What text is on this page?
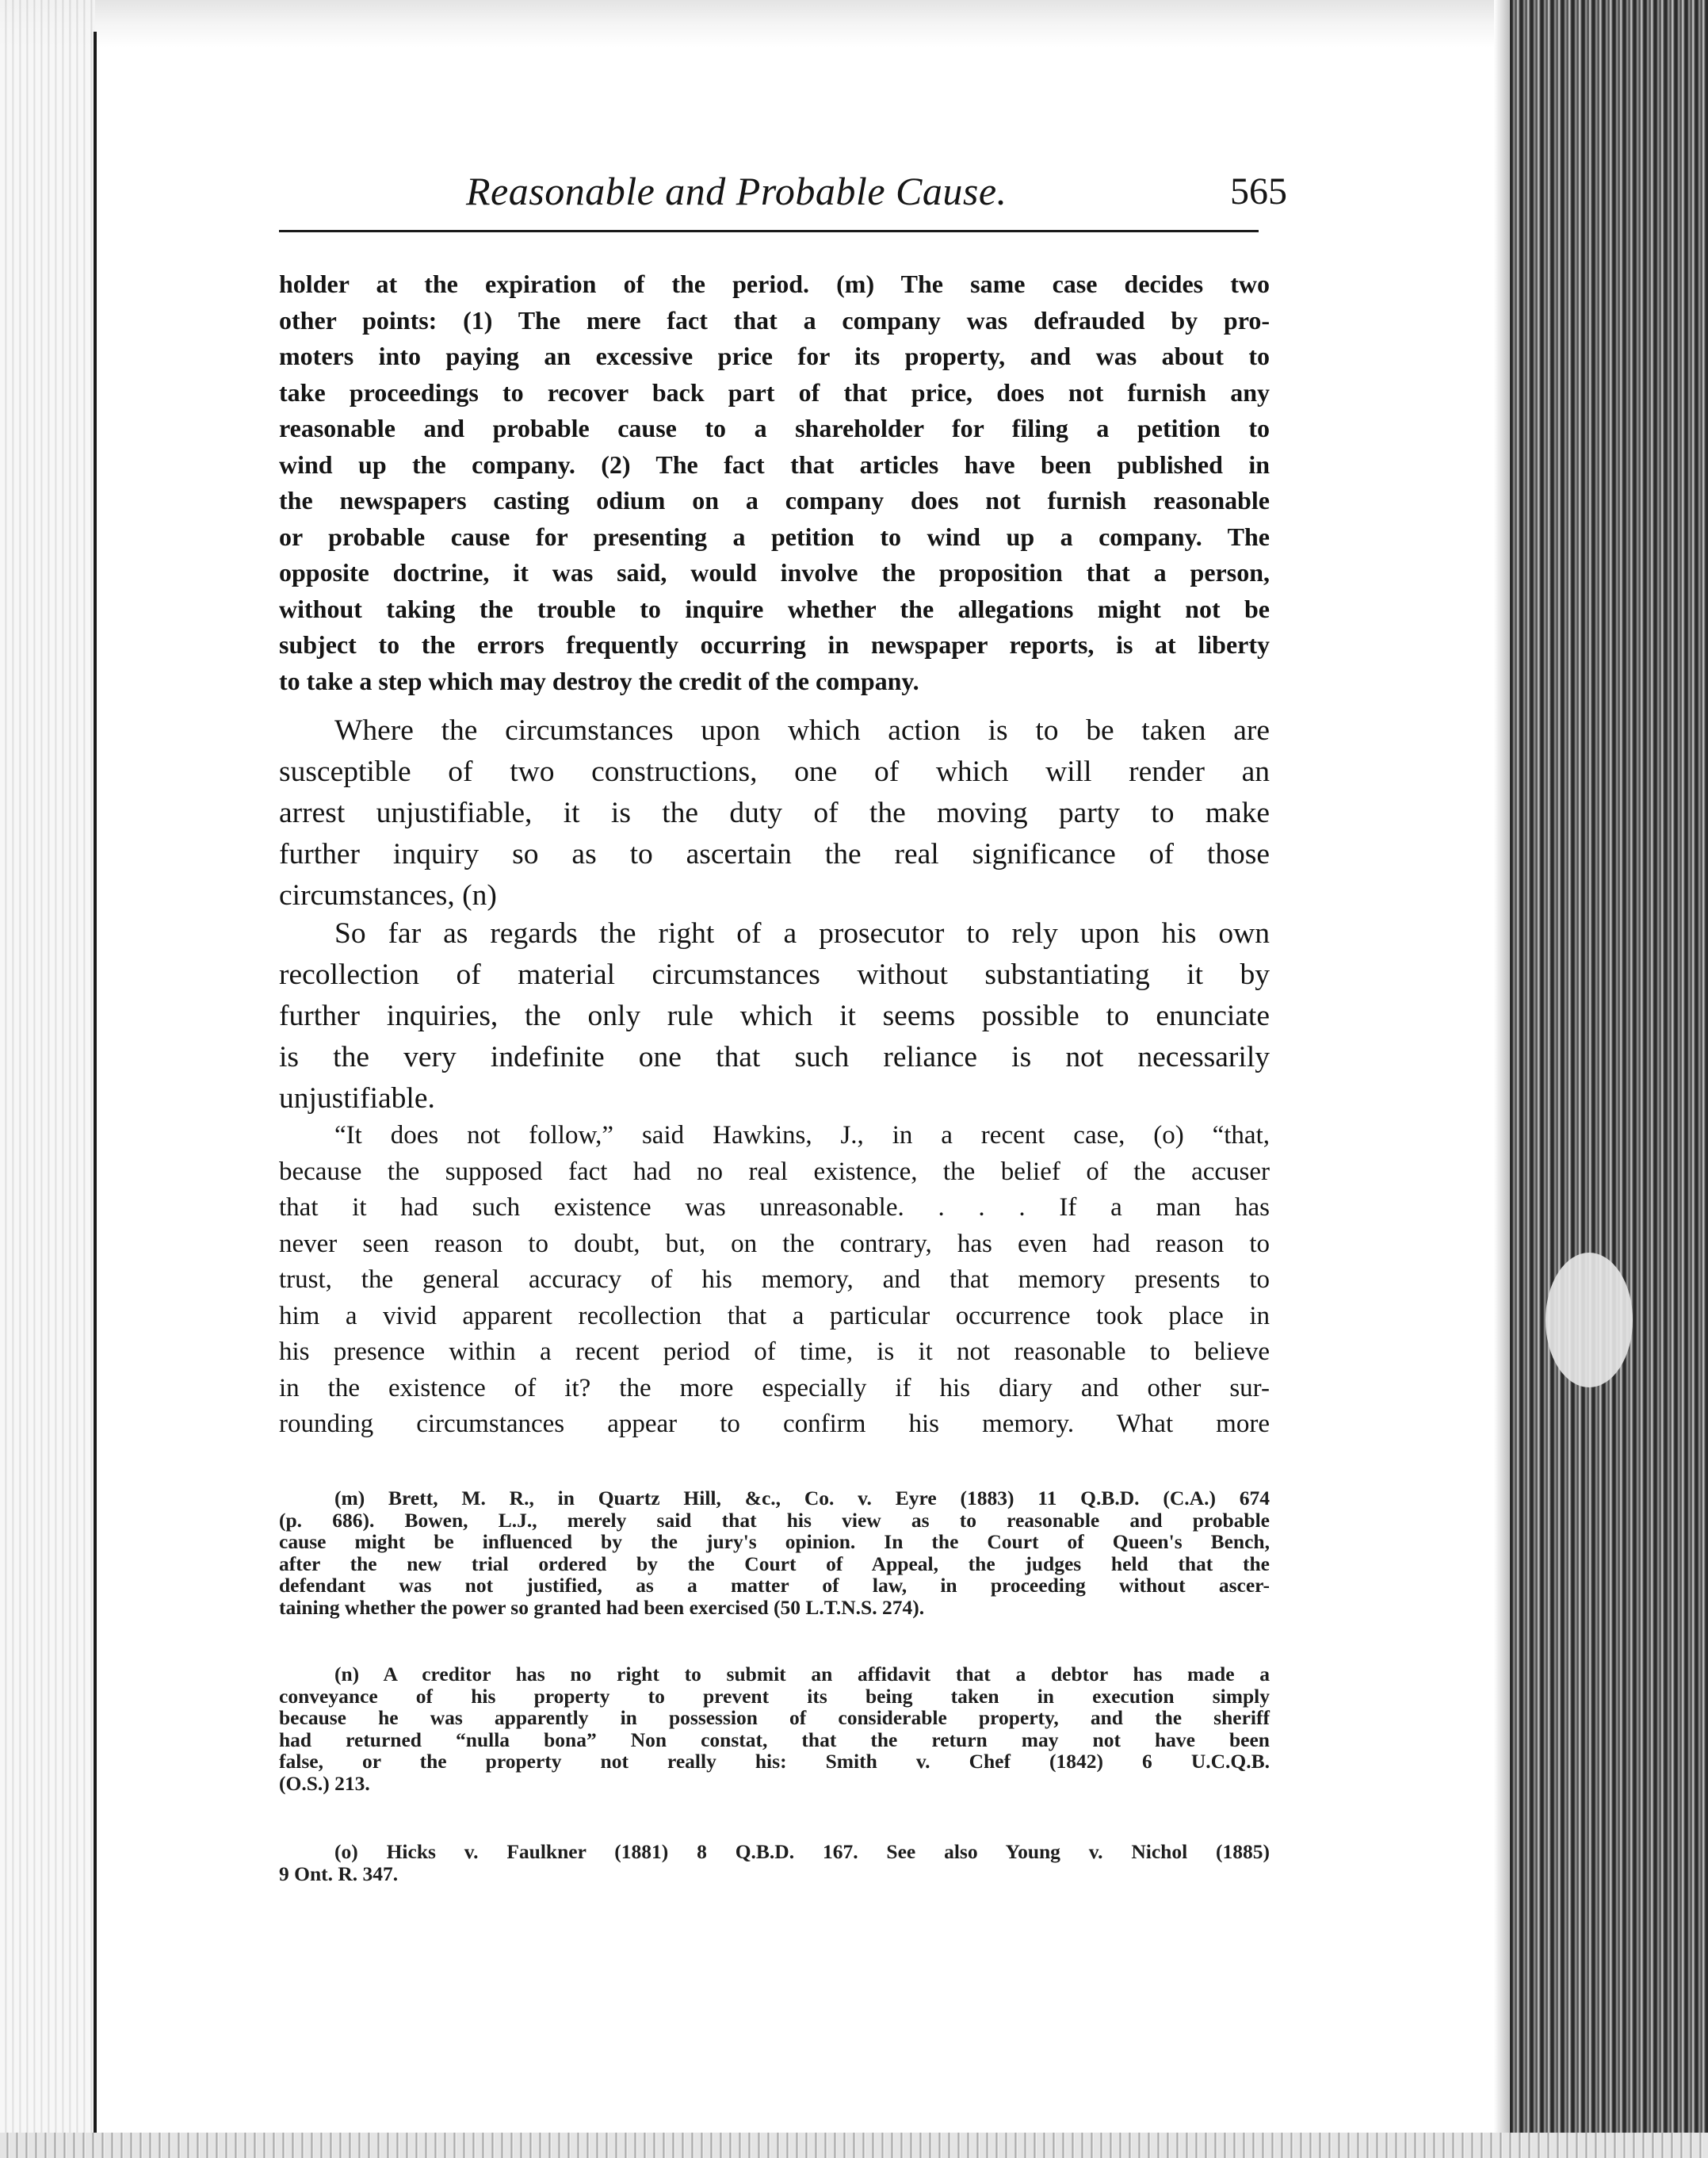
Reasonable and Probable Cause.	565
holder at the expiration of the period. (m) The same case decides two
other points: (1) The mere fact that a company was defrauded by pro-
moters into paying an excessive price for its property, and was about to
take proceedings to recover back part of that price, does not furnish any
reasonable and probable cause to a shareholder for filing a petition to
wind up the company. (2) The fact that articles have been published in
the newspapers casting odium on a company does not furnish reasonable
or probable cause for presenting a petition to wind up a company. The
opposite doctrine, it was said, would involve the proposition that a person,
without taking the trouble to inquire whether the allegations might not be
subject to the errors frequently occurring in newspaper reports, is at liberty
to take a step which may destroy the credit of the company.
Where the circumstances upon which action is to be taken are
susceptible of two constructions, one of which will render an
arrest unjustifiable, it is the duty of the moving party to make
further inquiry so as to ascertain the real significance of those
circumstances, (n)
So far as regards the right of a prosecutor to rely upon his own
recollection of material circumstances without substantiating it by
further inquiries, the only rule which it seems possible to enunciate
is the very indefinite one that such reliance is not necessarily
unjustifiable.
“It does not follow,” said Hawkins, J., in a recent case, (o) “that,
because the supposed fact had no real existence, the belief of the accuser
that it had such existence was unreasonable. . . . If a man has
never seen reason to doubt, but, on the contrary, has even had reason to
trust, the general accuracy of his memory, and that memory presents to
him a vivid apparent recollection that a particular occurrence took place in
his presence within a recent period of time, is it not reasonable to believe
in the existence of it? the more especially if his diary and other sur-
rounding circumstances appear to confirm his memory. What more
(m) Brett, M. R., in Quartz Hill, &c., Co. v. Eyre (1883) 11 Q.B.D. (C.A.) 674
(p. 686). Bowen, L.J., merely said that his view as to reasonable and probable
cause might be influenced by the jury's opinion. In the Court of Queen's Bench,
after the new trial ordered by the Court of Appeal, the judges held that the
defendant was not justified, as a matter of law, in proceeding without ascer-
taining whether the power so granted had been exercised (50 L.T.N.S. 274).
(n) A creditor has no right to submit an affidavit that a debtor has made a
conveyance of his property to prevent its being taken in execution simply
because he was apparently in possession of considerable property, and the sheriff
had returned “nulla bona” Non constat, that the return may not have been
false, or the property not really his: Smith v. Chef (1842) 6 U.C.Q.B.
(O.S.) 213.
(o) Hicks v. Faulkner (1881) 8 Q.B.D. 167. See also Young v. Nichol (1885)
9 Ont. R. 347.
